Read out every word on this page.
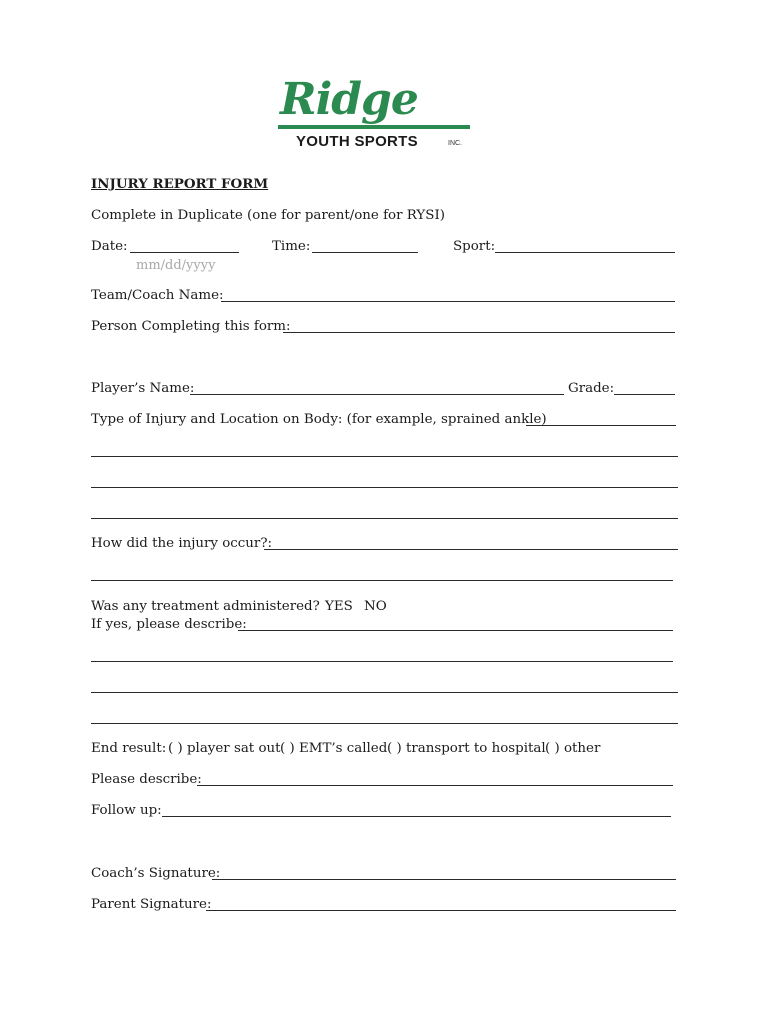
Ridge
YOUTH SPORTS	INC.
INJURY REPORT FORM
Complete in Duplicate (one for parent/one for RYSI)
Date:
mm/dd/yyyy
Time:	Sport:
Team/Coach Name:
Person Completing this form:
Player’s Name:	Grade:
Type of Injury and Location on Body: (for example, sprained ankle)
How did the injury occur?:
Was any treatment administered? YES NO
If yes, please describe:
End result: ( ) player sat out ( ) EMT’s called ( ) transport to hospital ( ) other
Please describe:
Follow up:
Coach’s Signature:
Parent Signature:
